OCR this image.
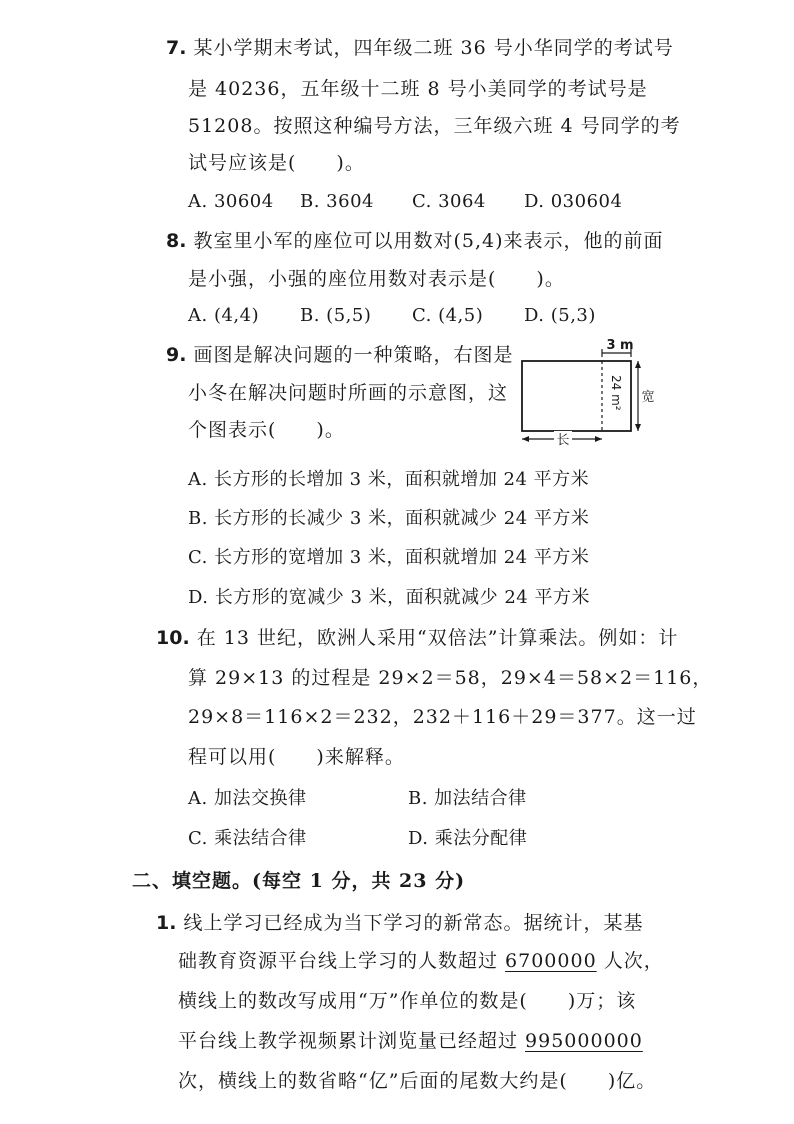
7. 某小学期末考试，四年级二班 36 号小华同学的考试号
是 40236，五年级十二班 8 号小美同学的考试号是
51208。按照这种编号方法，三年级六班 4 号同学的考
试号应该是(　　)。
A. 30604 B. 3604 C. 3064 D. 030604
8. 教室里小军的座位可以用数对(5,4)来表示，他的前面
是小强，小强的座位用数对表示是(　　)。
A. (4,4) B. (5,5) C. (4,5) D. (5,3)
9. 画图是解决问题的一种策略，右图是
小冬在解决问题时所画的示意图，这
个图表示(　　)。
3 m
24 m² 宽
长
A. 长方形的长增加 3 米，面积就增加 24 平方米
B. 长方形的长减少 3 米，面积就减少 24 平方米
C. 长方形的宽增加 3 米，面积就增加 24 平方米
D. 长方形的宽减少 3 米，面积就减少 24 平方米
10. 在 13 世纪，欧洲人采用“双倍法”计算乘法。例如：计
算 29×13 的过程是 29×2＝58，29×4＝58×2＝116，
29×8＝116×2＝232，232＋116＋29＝377。这一过
程可以用(　　)来解释。
A. 加法交换律	B. 加法结合律
C. 乘法结合律	D. 乘法分配律
二、填空题。(每空 1 分，共 23 分)
1. 线上学习已经成为当下学习的新常态。据统计，某基
础教育资源平台线上学习的人数超过 6700000 人次，
横线上的数改写成用“万”作单位的数是(　　)万；该
平台线上教学视频累计浏览量已经超过 995000000
次，横线上的数省略“亿”后面的尾数大约是(　　)亿。
